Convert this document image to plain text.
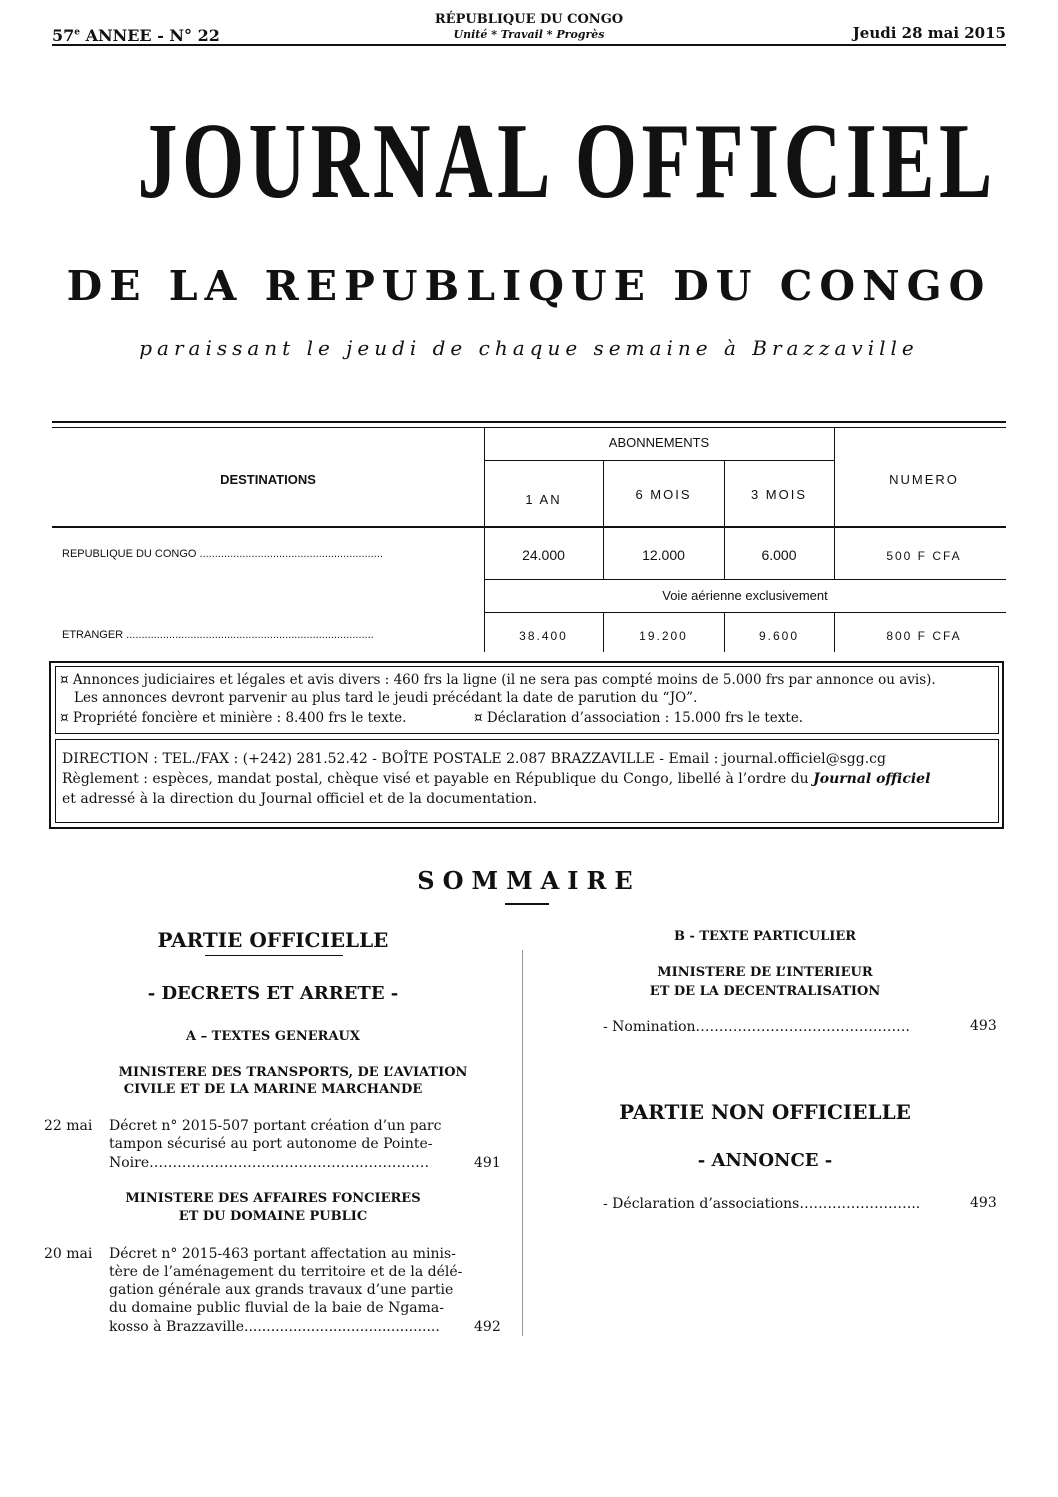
57e ANNEE - N° 22
RÉPUBLIQUE DU CONGO
Unité * Travail * Progrès	Jeudi 28 mai 2015
JOURNAL OFFICIEL
DE LA REPUBLIQUE DU CONGO
paraissant le jeudi de chaque semaine à Brazzaville
DESTINATIONS
ABONNEMENTS
NUMERO
1 AN	6 MOIS	3 MOIS
REPUBLIQUE DU CONGO ............................................................	24.000	12.000	6.000	500 F CFA
Voie aérienne exclusivement
ETRANGER .................................................................................	38.400	19.200	9.600	800 F CFA
¤ Annonces judiciaires et légales et avis divers : 460 frs la ligne (il ne sera pas compté moins de 5.000 frs par annonce ou avis).
Les annonces devront parvenir au plus tard le jeudi précédant la date de parution du “JO”.
¤ Propriété foncière et minière : 8.400 frs le texte.	¤ Déclaration d’association : 15.000 frs le texte.
DIRECTION : TEL./FAX : (+242) 281.52.42 - BOÎTE POSTALE 2.087 BRAZZAVILLE - Email : journal.officiel@sgg.cg
Règlement : espèces, mandat postal, chèque visé et payable en République du Congo, libellé à l’ordre du Journal officiel
et adressé à la direction du Journal officiel et de la documentation.
SOMMAIRE
PARTIE OFFICIELLE
- DECRETS ET ARRETE -
A – TEXTES GENERAUX
MINISTERE DES TRANSPORTS, DE L’AVIATION
CIVILE ET DE LA MARINE MARCHANDE
22 mai Décret n° 2015-507 portant création d’un parc
tampon sécurisé au port autonome de Pointe-
Noire……………………………………………………	491
MINISTERE DES AFFAIRES FONCIERES
ET DU DOMAINE PUBLIC
20 mai Décret n° 2015-463 portant affectation au minis-
tère de l’aménagement du territoire et de la délé-
gation générale aux grands travaux d’une partie
du domaine public fluvial de la baie de Ngama-
kosso à Brazzaville............................................ 492
B - TEXTE PARTICULIER
MINISTERE DE L’INTERIEUR
ET DE LA DECENTRALISATION
- Nomination……………………………………….	493
PARTIE NON OFFICIELLE
- ANNONCE -
- Déclaration d’associations……………………..	493
